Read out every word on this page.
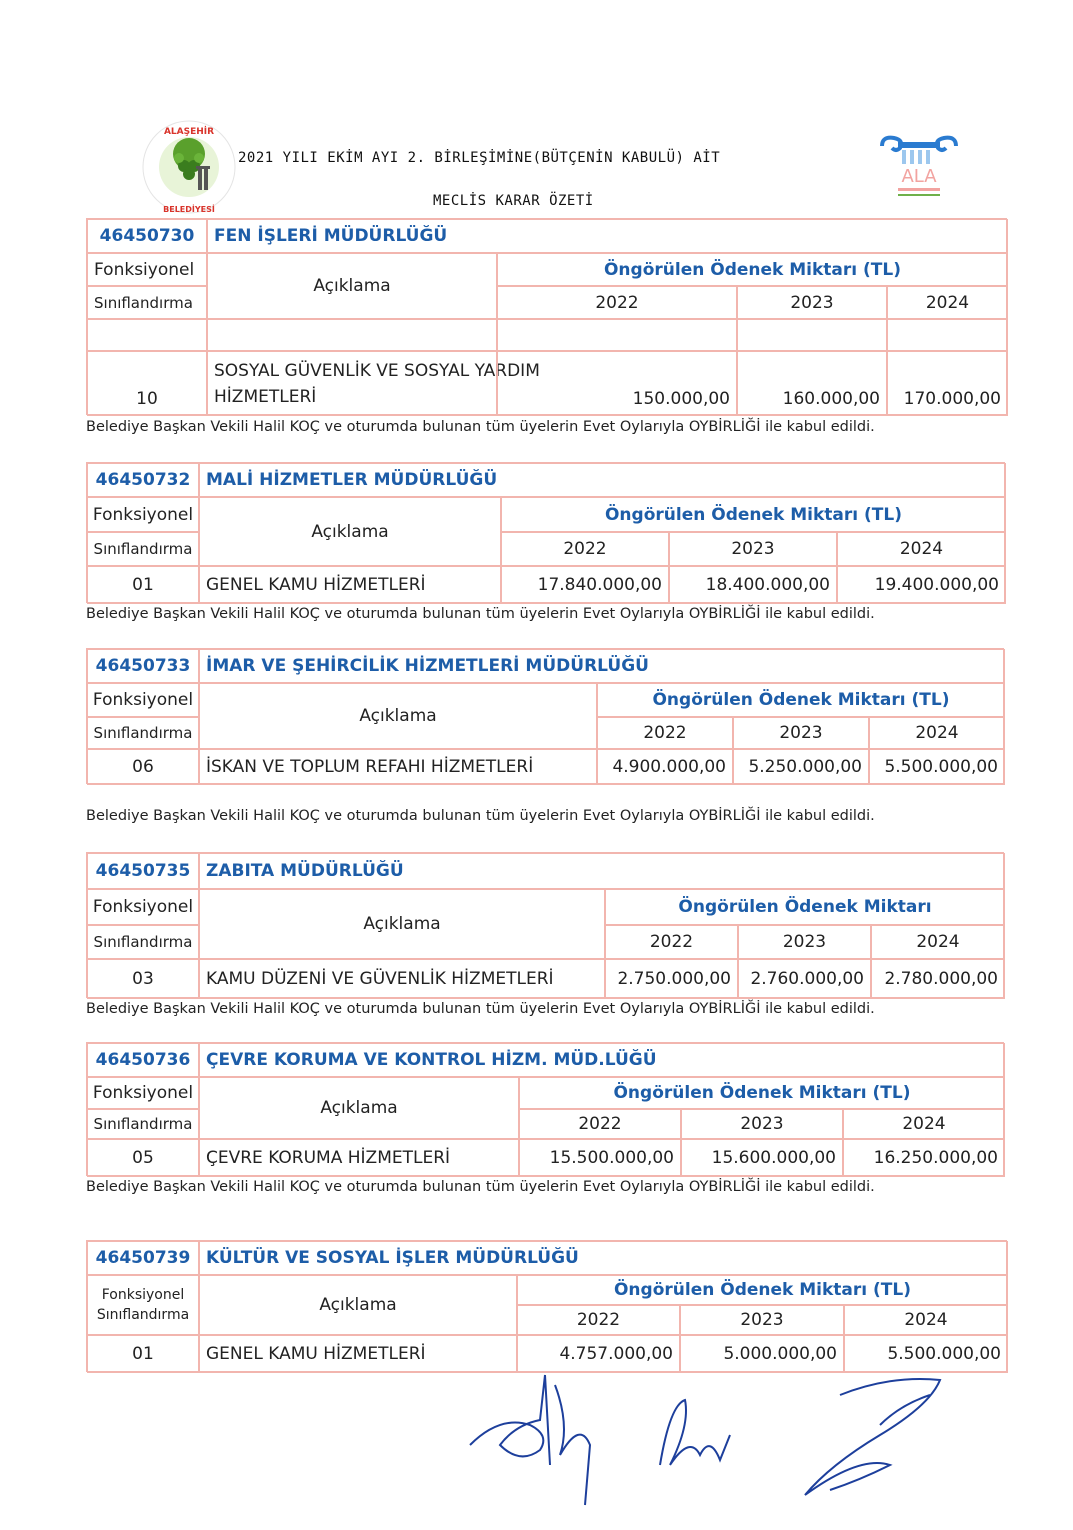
ALAŞEHİR
BELEDİYESİ
2021 YILI EKİM AYI 2. BİRLEŞİMİNE(BÜTÇENİN KABULÜ) AİT
MECLİS KARAR ÖZETİ
ALA
46450730	FEN İŞLERİ MÜDÜRLÜĞÜ
Fonksiyonel
Açıklama
Öngörülen Ödenek Miktarı (TL)
Sınıflandırma	2022	2023	2024
10
SOSYAL GÜVENLİK VE SOSYAL YARDIM
HİZMETLERİ	150.000,00	160.000,00	170.000,00
Belediye Başkan Vekili Halil KOÇ ve oturumda bulunan tüm üyelerin Evet Oylarıyla OYBİRLİĞİ ile kabul edildi.
46450732 MALİ HİZMETLER MÜDÜRLÜĞÜ
Fonksiyonel
Açıklama
Öngörülen Ödenek Miktarı (TL)
Sınıflandırma	2022	2023	2024
01	GENEL KAMU HİZMETLERİ	17.840.000,00	18.400.000,00	19.400.000,00
Belediye Başkan Vekili Halil KOÇ ve oturumda bulunan tüm üyelerin Evet Oylarıyla OYBİRLİĞİ ile kabul edildi.
46450733 İMAR VE ŞEHİRCİLİK HİZMETLERİ MÜDÜRLÜĞÜ
Fonksiyonel
Açıklama
Öngörülen Ödenek Miktarı (TL)
Sınıflandırma	2022	2023	2024
06	İSKAN VE TOPLUM REFAHI HİZMETLERİ	4.900.000,00	5.250.000,00	5.500.000,00
Belediye Başkan Vekili Halil KOÇ ve oturumda bulunan tüm üyelerin Evet Oylarıyla OYBİRLİĞİ ile kabul edildi.
46450735 ZABITA MÜDÜRLÜĞÜ
Fonksiyonel
Açıklama
Öngörülen Ödenek Miktarı
Sınıflandırma	2022	2023	2024
03	KAMU DÜZENİ VE GÜVENLİK HİZMETLERİ	2.750.000,00	2.760.000,00	2.780.000,00
Belediye Başkan Vekili Halil KOÇ ve oturumda bulunan tüm üyelerin Evet Oylarıyla OYBİRLİĞİ ile kabul edildi.
46450736 ÇEVRE KORUMA VE KONTROL HİZM. MÜD.LÜĞÜ
Fonksiyonel
Açıklama
Öngörülen Ödenek Miktarı (TL)
Sınıflandırma	2022	2023	2024
05	ÇEVRE KORUMA HİZMETLERİ	15.500.000,00	15.600.000,00	16.250.000,00
Belediye Başkan Vekili Halil KOÇ ve oturumda bulunan tüm üyelerin Evet Oylarıyla OYBİRLİĞİ ile kabul edildi.
46450739 KÜLTÜR VE SOSYAL İŞLER MÜDÜRLÜĞÜ
Fonksiyonel
Sınıflandırma	Açıklama
Öngörülen Ödenek Miktarı (TL)
2022	2023	2024
01	GENEL KAMU HİZMETLERİ	4.757.000,00	5.000.000,00	5.500.000,00
